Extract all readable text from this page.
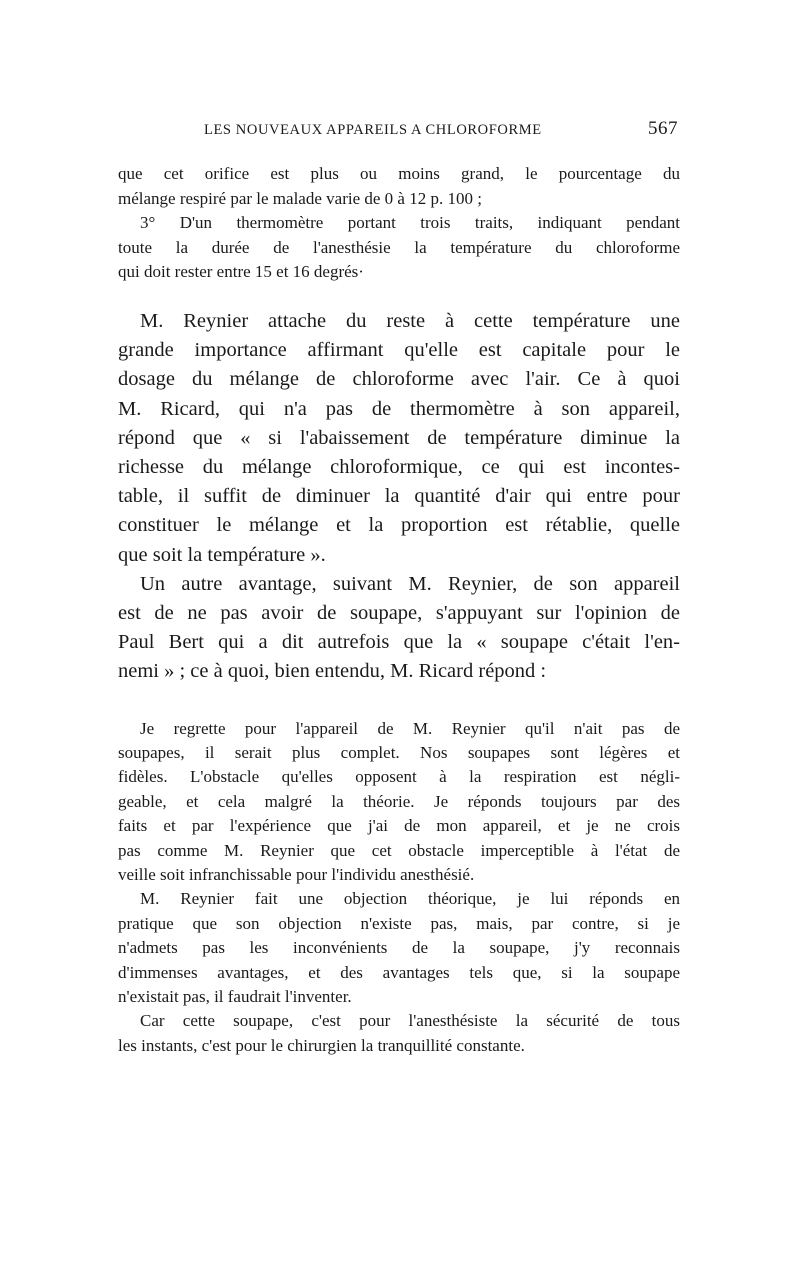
LES NOUVEAUX APPAREILS A CHLOROFORME	567

que cet orifice est plus ou moins grand, le pourcentage du
mélange respiré par le malade varie de 0 à 12 p. 100 ;

3° D'un thermomètre portant trois traits, indiquant pendant
toute la durée de l'anesthésie la température du chloroforme
qui doit rester entre 15 et 16 degrés·

M. Reynier attache du reste à cette température une
grande importance affirmant qu'elle est capitale pour le
dosage du mélange de chloroforme avec l'air. Ce à quoi
M. Ricard, qui n'a pas de thermomètre à son appareil,
répond que « si l'abaissement de température diminue la
richesse du mélange chloroformique, ce qui est incontes-
table, il suffit de diminuer la quantité d'air qui entre pour
constituer le mélange et la proportion est rétablie, quelle
que soit la température ».

Un autre avantage, suivant M. Reynier, de son appareil
est de ne pas avoir de soupape, s'appuyant sur l'opinion de
Paul Bert qui a dit autrefois que la « soupape c'était l'en-
nemi » ; ce à quoi, bien entendu, M. Ricard répond :

Je regrette pour l'appareil de M. Reynier qu'il n'ait pas de
soupapes, il serait plus complet. Nos soupapes sont légères et
fidèles. L'obstacle qu'elles opposent à la respiration est négli-
geable, et cela malgré la théorie. Je réponds toujours par des
faits et par l'expérience que j'ai de mon appareil, et je ne crois
pas comme M. Reynier que cet obstacle imperceptible à l'état de
veille soit infranchissable pour l'individu anesthésié.

M. Reynier fait une objection théorique, je lui réponds en
pratique que son objection n'existe pas, mais, par contre, si je
n'admets pas les inconvénients de la soupape, j'y reconnais
d'immenses avantages, et des avantages tels que, si la soupape
n'existait pas, il faudrait l'inventer.

Car cette soupape, c'est pour l'anesthésiste la sécurité de tous
les instants, c'est pour le chirurgien la tranquillité constante.
